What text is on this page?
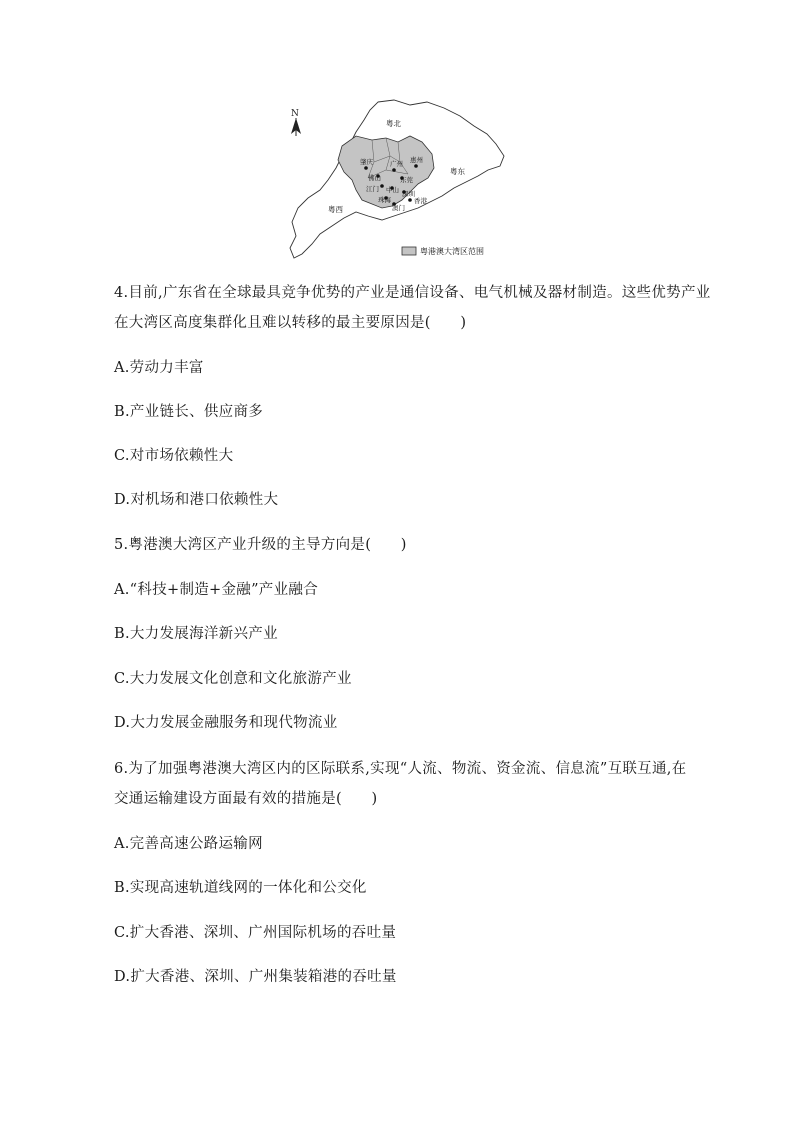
N
肇庆	广州 惠州
佛山	东莞
江门 中山 深圳
珠海	香港
澳门
粤北
粤东
粤西
粤港澳大湾区范围

4.目前,广东省在全球最具竞争优势的产业是通信设备、电气机械及器材制造。这些优势产业

在大湾区高度集群化且难以转移的最主要原因是(　　)

A.劳动力丰富

B.产业链长、供应商多

C.对市场依赖性大

D.对机场和港口依赖性大

5.粤港澳大湾区产业升级的主导方向是(　　)

A.“科技+制造+金融”产业融合

B.大力发展海洋新兴产业

C.大力发展文化创意和文化旅游产业

D.大力发展金融服务和现代物流业

6.为了加强粤港澳大湾区内的区际联系,实现“人流、物流、资金流、信息流”互联互通,在

交通运输建设方面最有效的措施是(　　)

A.完善高速公路运输网

B.实现高速轨道线网的一体化和公交化

C.扩大香港、深圳、广州国际机场的吞吐量

D.扩大香港、深圳、广州集装箱港的吞吐量
